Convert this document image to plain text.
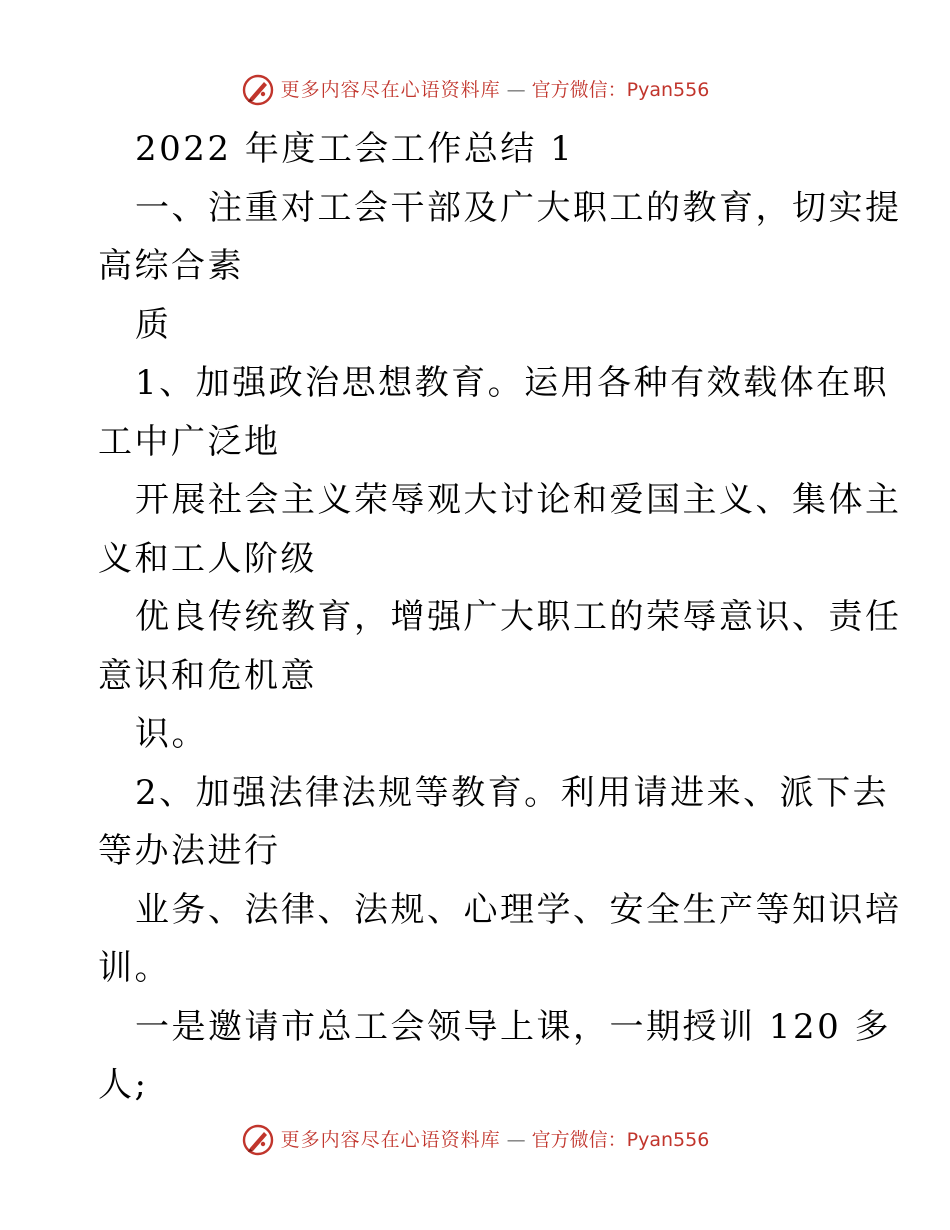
更多内容尽在心语资料库 — 官方微信：Pyan556
2022 年度工会工作总结 1
一、注重对工会干部及广大职工的教育，切实提
高综合素
质
1、加强政治思想教育。运用各种有效载体在职
工中广泛地
开展社会主义荣辱观大讨论和爱国主义、集体主
义和工人阶级
优良传统教育，增强广大职工的荣辱意识、责任
意识和危机意
识。
2、加强法律法规等教育。利用请进来、派下去
等办法进行
业务、法律、法规、心理学、安全生产等知识培
训。
一是邀请市总工会领导上课，一期授训 120 多
人;
更多内容尽在心语资料库 — 官方微信：Pyan556
